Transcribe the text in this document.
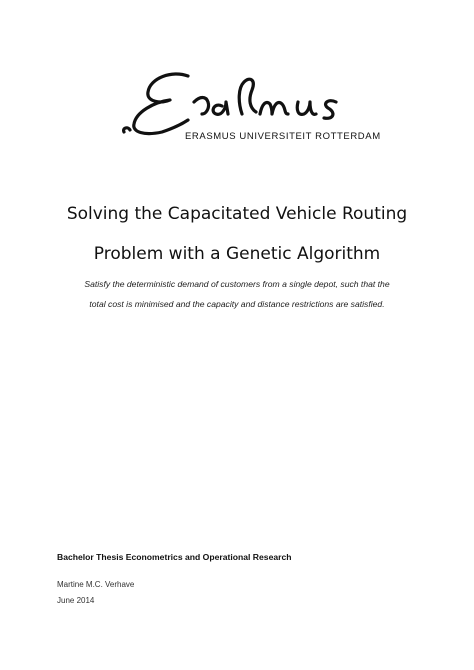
ERASMUS UNIVERSITEIT ROTTERDAM
Solving the Capacitated Vehicle Routing
Problem with a Genetic Algorithm
Satisfy the deterministic demand of customers from a single depot, such that the
total cost is minimised and the capacity and distance restrictions are satisfied.
Bachelor Thesis Econometrics and Operational Research
Martine M.C. Verhave
June 2014
